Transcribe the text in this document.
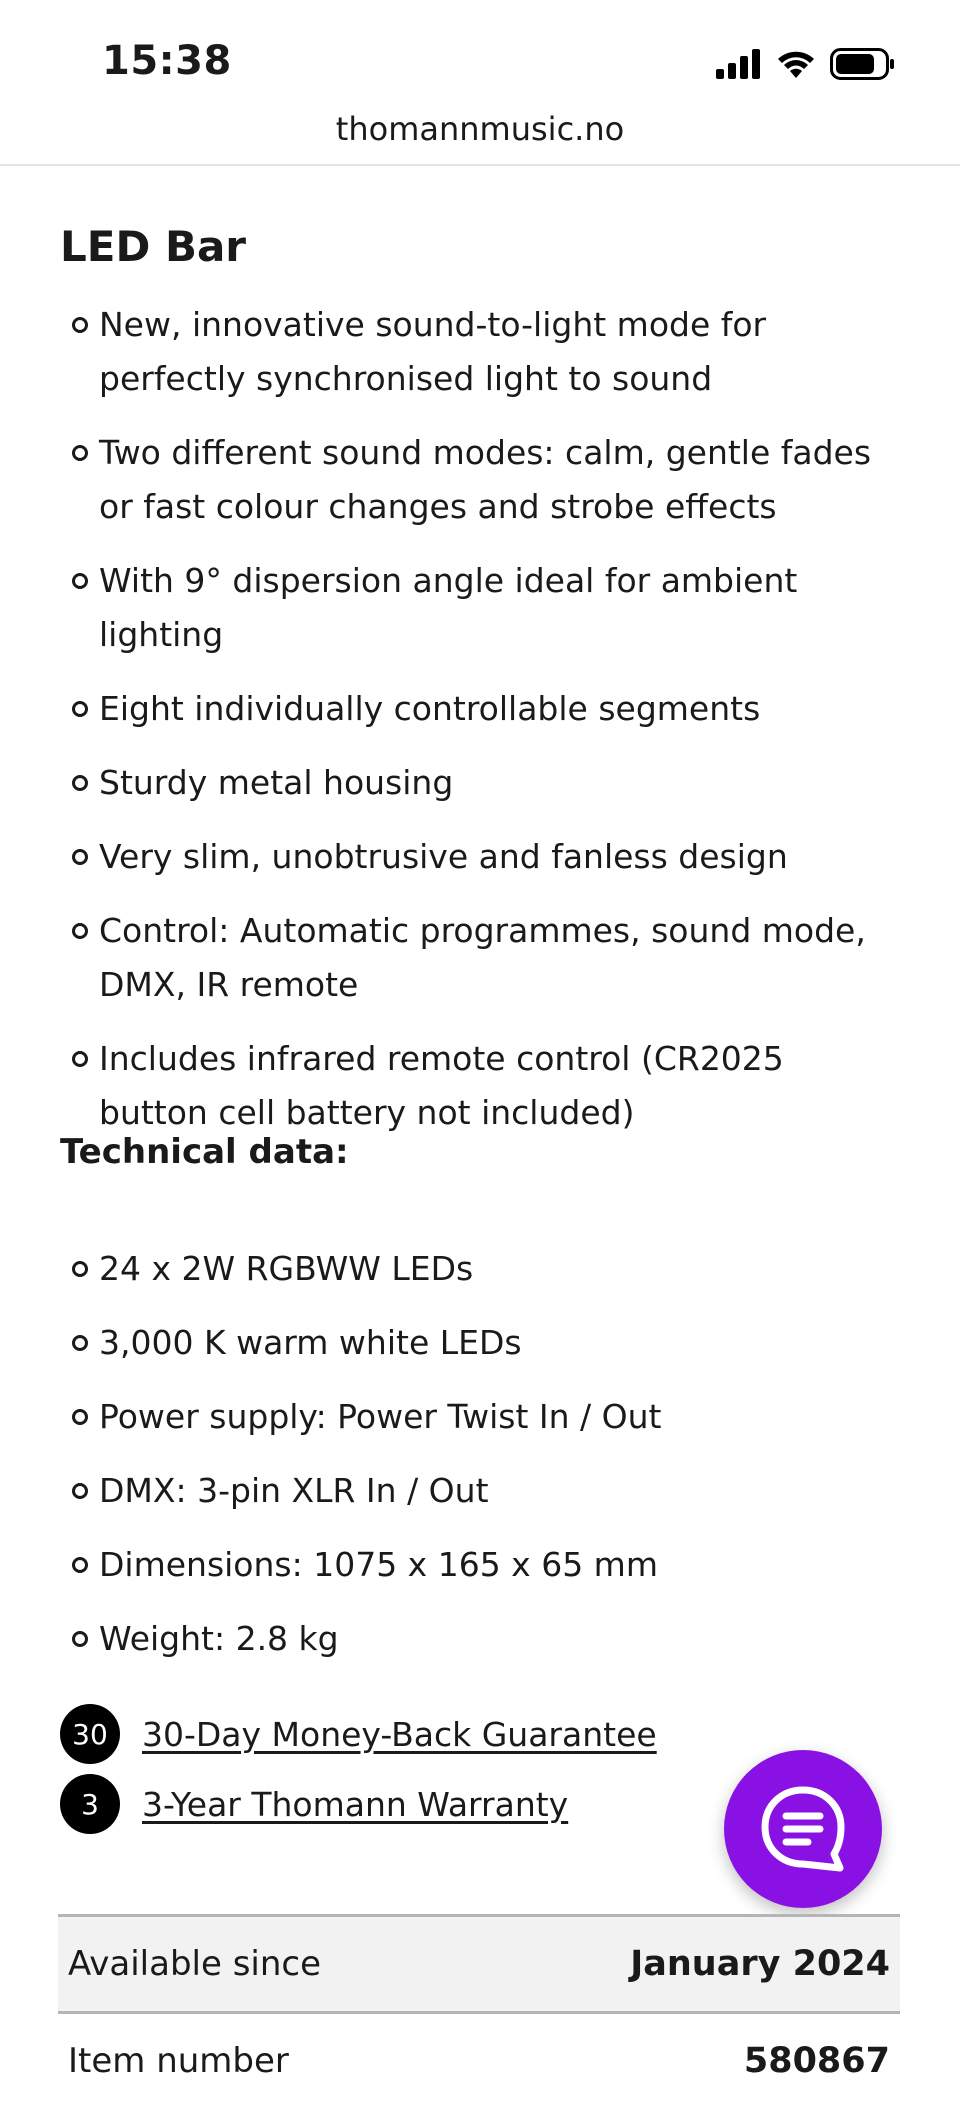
15:38
thomannmusic.no
LED Bar
New, innovative sound-to-light mode for perfectly synchronised light to sound
Two different sound modes: calm, gentle fades or fast colour changes and strobe effects
With 9° dispersion angle ideal for ambient lighting
Eight individually controllable segments
Sturdy metal housing
Very slim, unobtrusive and fanless design
Control: Automatic programmes, sound mode, DMX, IR remote
Includes infrared remote control (CR2025 button cell battery not included)
Technical data:
24 x 2W RGBWW LEDs
3,000 K warm white LEDs
Power supply: Power Twist In / Out
DMX: 3-pin XLR In / Out
Dimensions: 1075 x 165 x 65 mm
Weight: 2.8 kg
30	30-Day Money-Back Guarantee
3	3-Year Thomann Warranty
Available since	January 2024
Item number	580867
